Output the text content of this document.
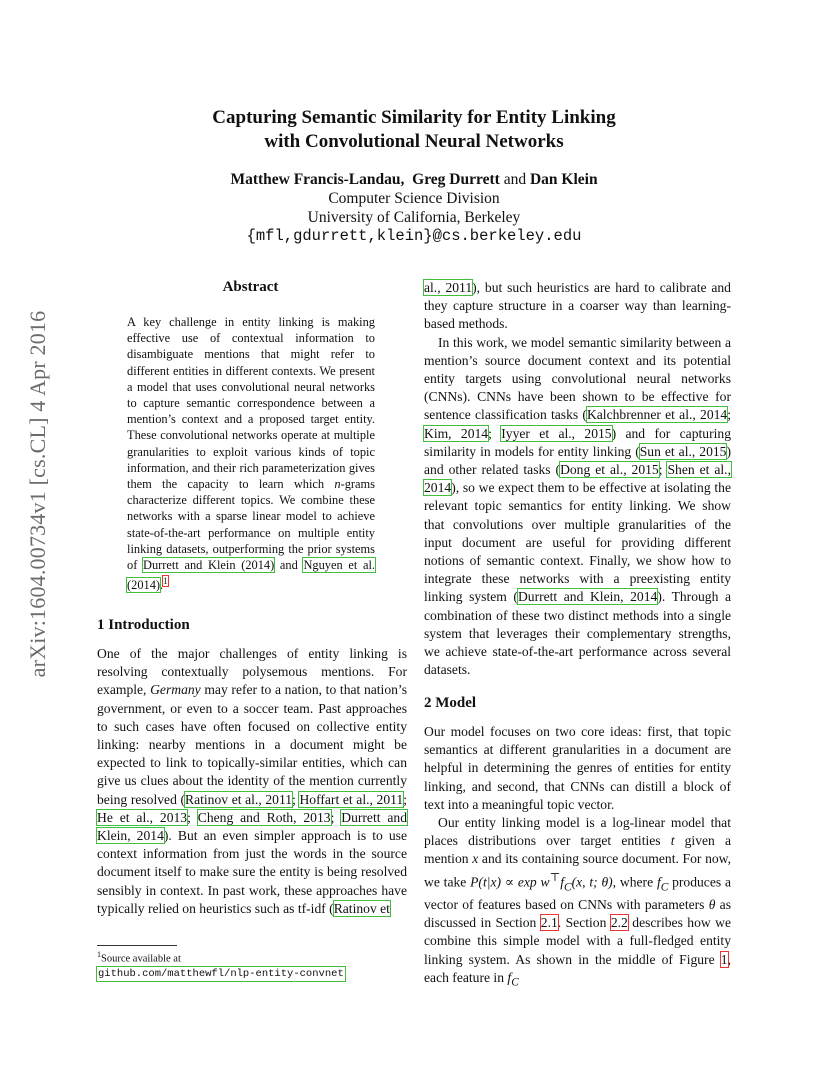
arXiv:1604.00734v1 [cs.CL] 4 Apr 2016
Capturing Semantic Similarity for Entity Linking
with Convolutional Neural Networks
Matthew Francis-Landau, Greg Durrett and Dan Klein
Computer Science Division
University of California, Berkeley
{mfl,gdurrett,klein}@cs.berkeley.edu
Abstract
A key challenge in entity linking is making effective use of contextual information to disambiguate mentions that might refer to different entities in different contexts. We present a model that uses convolutional neural networks to capture semantic correspondence between a mention’s context and a proposed target entity. These convolutional networks operate at multiple granularities to exploit various kinds of topic information, and their rich parameterization gives them the capacity to learn which n-grams characterize different topics. We combine these networks with a sparse linear model to achieve state-of-the-art performance on multiple entity linking datasets, outperforming the prior systems of Durrett and Klein (2014) and Nguyen et al. (2014).$^1$
1 Introduction

One of the major challenges of entity linking is resolving contextually polysemous mentions. For example, Germany may refer to a nation, to that nation’s government, or even to a soccer team. Past approaches to such cases have often focused on collective entity linking: nearby mentions in a document might be expected to link to topically-similar entities, which can give us clues about the identity of the mention currently being resolved (Ratinov et al., 2011; Hoffart et al., 2011; He et al., 2013; Cheng and Roth, 2013; Durrett and Klein, 2014). But an even simpler approach is to use context information from just the words in the source document itself to make sure the entity is being resolved sensibly in context. In past work, these approaches have typically relied on heuristics such as tf-idf (Ratinov et

$^1$Source available at
github.com/matthewfl/nlp-entity-convnet

al., 2011), but such heuristics are hard to calibrate and they capture structure in a coarser way than learning-based methods.

In this work, we model semantic similarity between a mention’s source document context and its potential entity targets using convolutional neural networks (CNNs). CNNs have been shown to be effective for sentence classification tasks (Kalchbrenner et al., 2014; Kim, 2014; Iyyer et al., 2015) and for capturing similarity in models for entity linking (Sun et al., 2015) and other related tasks (Dong et al., 2015; Shen et al., 2014), so we expect them to be effective at isolating the relevant topic semantics for entity linking. We show that convolutions over multiple granularities of the input document are useful for providing different notions of semantic context. Finally, we show how to integrate these networks with a preexisting entity linking system (Durrett and Klein, 2014). Through a combination of these two distinct methods into a single system that leverages their complementary strengths, we achieve state-of-the-art performance across several datasets.

2 Model

Our model focuses on two core ideas: first, that topic semantics at different granularities in a document are helpful in determining the genres of entities for entity linking, and second, that CNNs can distill a block of text into a meaningful topic vector.

Our entity linking model is a log-linear model that places distributions over target entities t given a mention x and its containing source document. For now, we take $P(t|x) \propto \exp w^⊤f_C(x$, t; θ), where $f_C$ produces a vector of features based on CNNs with parameters θ as discussed in Section 2.1. Section 2.2 describes how we combine this simple model with a full-fledged entity linking system. As shown in the middle of Figure 1, each feature in $f_C$
